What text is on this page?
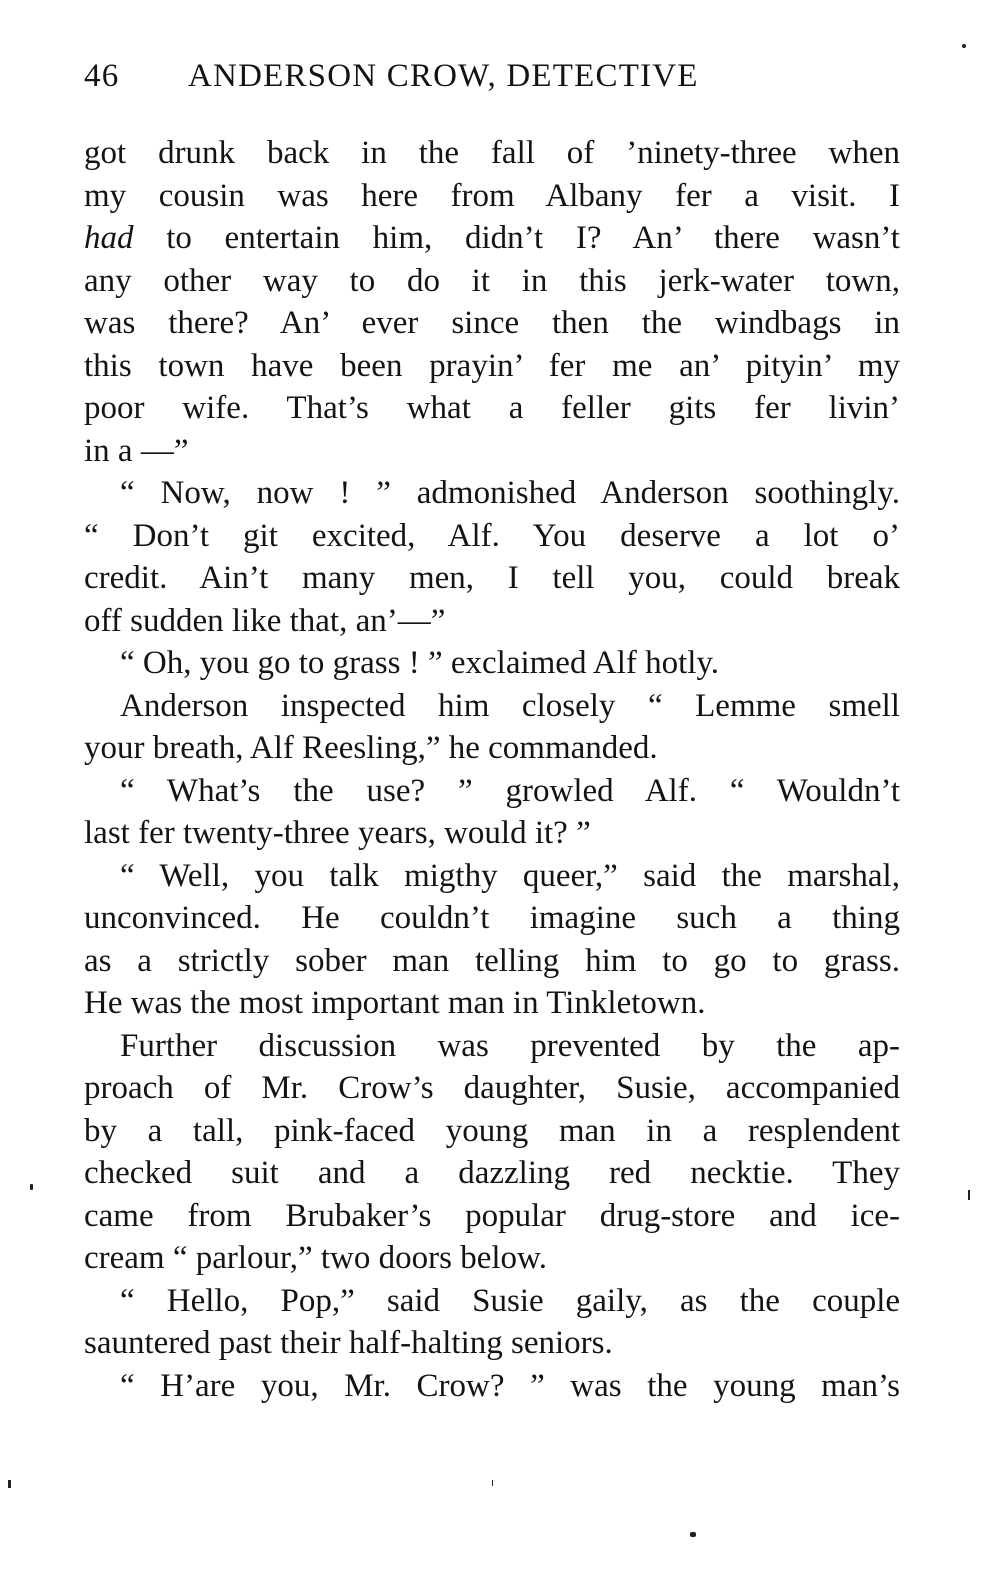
46	ANDERSON CROW, DETECTIVE
got drunk back in the fall of ’ninety-three when
my cousin was here from Albany fer a visit. I
had to entertain him, didn’t I? An’ there wasn’t
any other way to do it in this jerk-water town,
was there? An’ ever since then the windbags in
this town have been prayin’ fer me an’ pityin’ my
poor wife. That’s what a feller gits fer livin’
in a —”
“ Now, now ! ” admonished Anderson soothingly.
“ Don’t git excited, Alf. You deserve a lot o’
credit. Ain’t many men, I tell you, could break
off sudden like that, an’—”
“ Oh, you go to grass ! ” exclaimed Alf hotly.
Anderson inspected him closely “ Lemme smell
your breath, Alf Reesling,” he commanded.
“ What’s the use? ” growled Alf. “ Wouldn’t
last fer twenty-three years, would it? ”
“ Well, you talk migthy queer,” said the marshal,
unconvinced. He couldn’t imagine such a thing
as a strictly sober man telling him to go to grass.
He was the most important man in Tinkletown.
Further discussion was prevented by the ap-
proach of Mr. Crow’s daughter, Susie, accompanied
by a tall, pink-faced young man in a resplendent
checked suit and a dazzling red necktie. They
came from Brubaker’s popular drug-store and ice-
cream “ parlour,” two doors below.
“ Hello, Pop,” said Susie gaily, as the couple
sauntered past their half-halting seniors.
“ H’are you, Mr. Crow? ” was the young man’s
